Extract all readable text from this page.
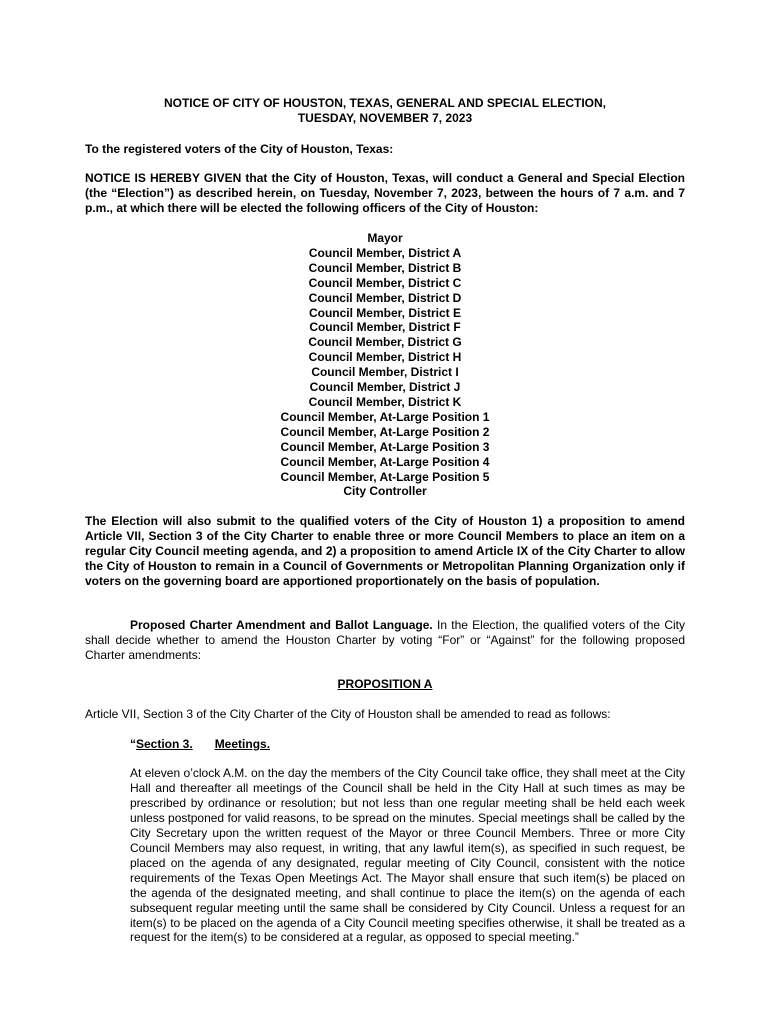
NOTICE OF CITY OF HOUSTON, TEXAS, GENERAL AND SPECIAL ELECTION,
TUESDAY, NOVEMBER 7, 2023

To the registered voters of the City of Houston, Texas:

NOTICE IS HEREBY GIVEN that the City of Houston, Texas, will conduct a General and Special Election (the “Election”) as described herein, on Tuesday, November 7, 2023, between the hours of 7 a.m. and 7 p.m., at which there will be elected the following officers of the City of Houston:

Mayor
Council Member, District A
Council Member, District B
Council Member, District C
Council Member, District D
Council Member, District E
Council Member, District F
Council Member, District G
Council Member, District H
Council Member, District I
Council Member, District J
Council Member, District K
Council Member, At-Large Position 1
Council Member, At-Large Position 2
Council Member, At-Large Position 3
Council Member, At-Large Position 4
Council Member, At-Large Position 5
City Controller

The Election will also submit to the qualified voters of the City of Houston 1) a proposition to amend Article VII, Section 3 of the City Charter to enable three or more Council Members to place an item on a regular City Council meeting agenda, and 2) a proposition to amend Article IX of the City Charter to allow the City of Houston to remain in a Council of Governments or Metropolitan Planning Organization only if voters on the governing board are apportioned proportionately on the basis of population.

Proposed Charter Amendment and Ballot Language. In the Election, the qualified voters of the City shall decide whether to amend the Houston Charter by voting “For” or “Against” for the following proposed Charter amendments:

PROPOSITION A

Article VII, Section 3 of the City Charter of the City of Houston shall be amended to read as follows:

“Section 3. Meetings.

At eleven o’clock A.M. on the day the members of the City Council take office, they shall meet at the City Hall and thereafter all meetings of the Council shall be held in the City Hall at such times as may be prescribed by ordinance or resolution; but not less than one regular meeting shall be held each week unless postponed for valid reasons, to be spread on the minutes. Special meetings shall be called by the City Secretary upon the written request of the Mayor or three Council Members. Three or more City Council Members may also request, in writing, that any lawful item(s), as specified in such request, be placed on the agenda of any designated, regular meeting of City Council, consistent with the notice requirements of the Texas Open Meetings Act. The Mayor shall ensure that such item(s) be placed on the agenda of the designated meeting, and shall continue to place the item(s) on the agenda of each subsequent regular meeting until the same shall be considered by City Council. Unless a request for an item(s) to be placed on the agenda of a City Council meeting specifies otherwise, it shall be treated as a request for the item(s) to be considered at a regular, as opposed to special meeting.”
